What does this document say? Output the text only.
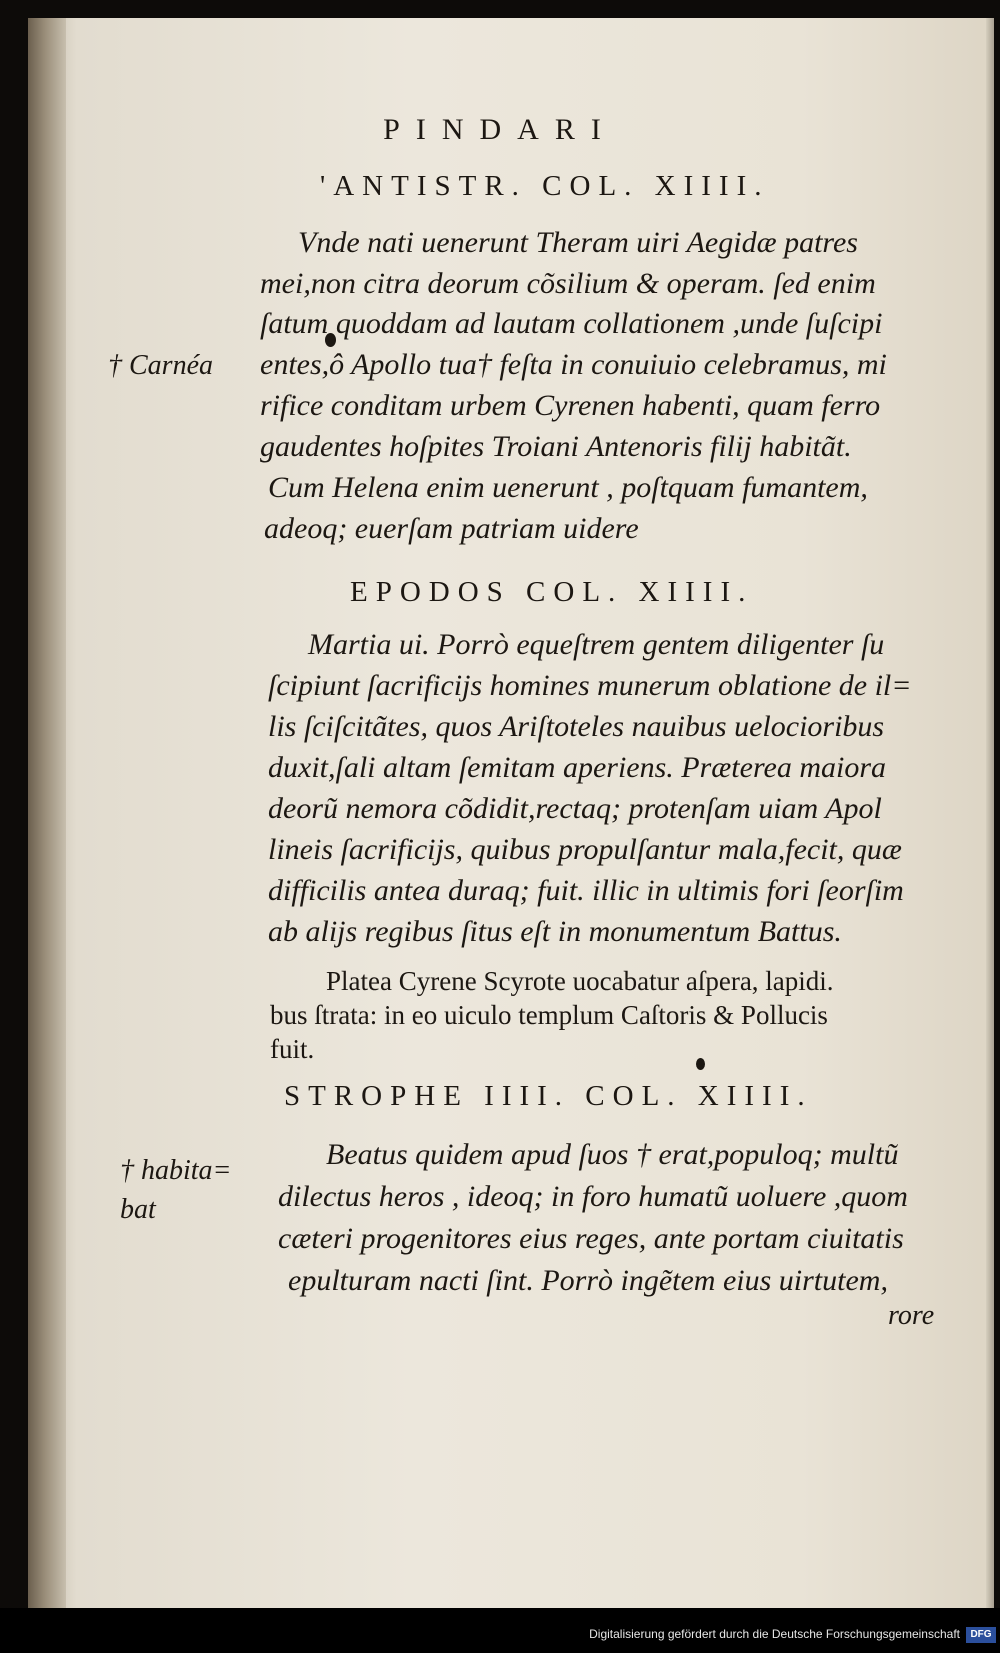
PINDARI
'ANTISTR. COL. XIIII.
Vnde nati uenerunt Theram uiri Aegidæ patres
mei,non citra deorum cõsilium & operam. ſed enim
ſatum quoddam ad lautam collationem ,unde ſuſcipi
entes,ô Apollo tua† feſta in conuiuio celebramus, mi
rifice conditam urbem Cyrenen habenti, quam ferro
gaudentes hoſpites Troiani Antenoris filij habitãt.
Cum Helena enim uenerunt , poſtquam fumantem,
adeoq; euerſam patriam uidere
† Carnéa
EPODOS COL. XIIII.
Martia ui. Porrò equeſtrem gentem diligenter ſu
ſcipiunt ſacrificijs homines munerum oblatione de il=
lis ſciſcitãtes, quos Ariſtoteles nauibus uelocioribus
duxit,ſali altam ſemitam aperiens. Præterea maiora
deorũ nemora cõdidit,rectaq; protenſam uiam Apol
lineis ſacrificijs, quibus propulſantur mala,fecit, quæ
difficilis antea duraq; fuit. illic in ultimis fori ſeorſim
ab alijs regibus ſitus eſt in monumentum Battus.
Platea Cyrene Scyrote uocabatur aſpera, lapidi.
bus ſtrata: in eo uiculo templum Caſtoris & Pollucis
fuit.
STROPHE IIII. COL. XIIII.
Beatus quidem apud ſuos † erat,populoq; multũ
dilectus heros , ideoq; in foro humatũ uoluere ,quom
cæteri progenitores eius reges, ante portam ciuitatis
epulturam nacti ſint. Porrò ingẽtem eius uirtutem,
† habita=
bat
rore
Digitalisierung gefördert durch die Deutsche Forschungsgemeinschaft	DFG
